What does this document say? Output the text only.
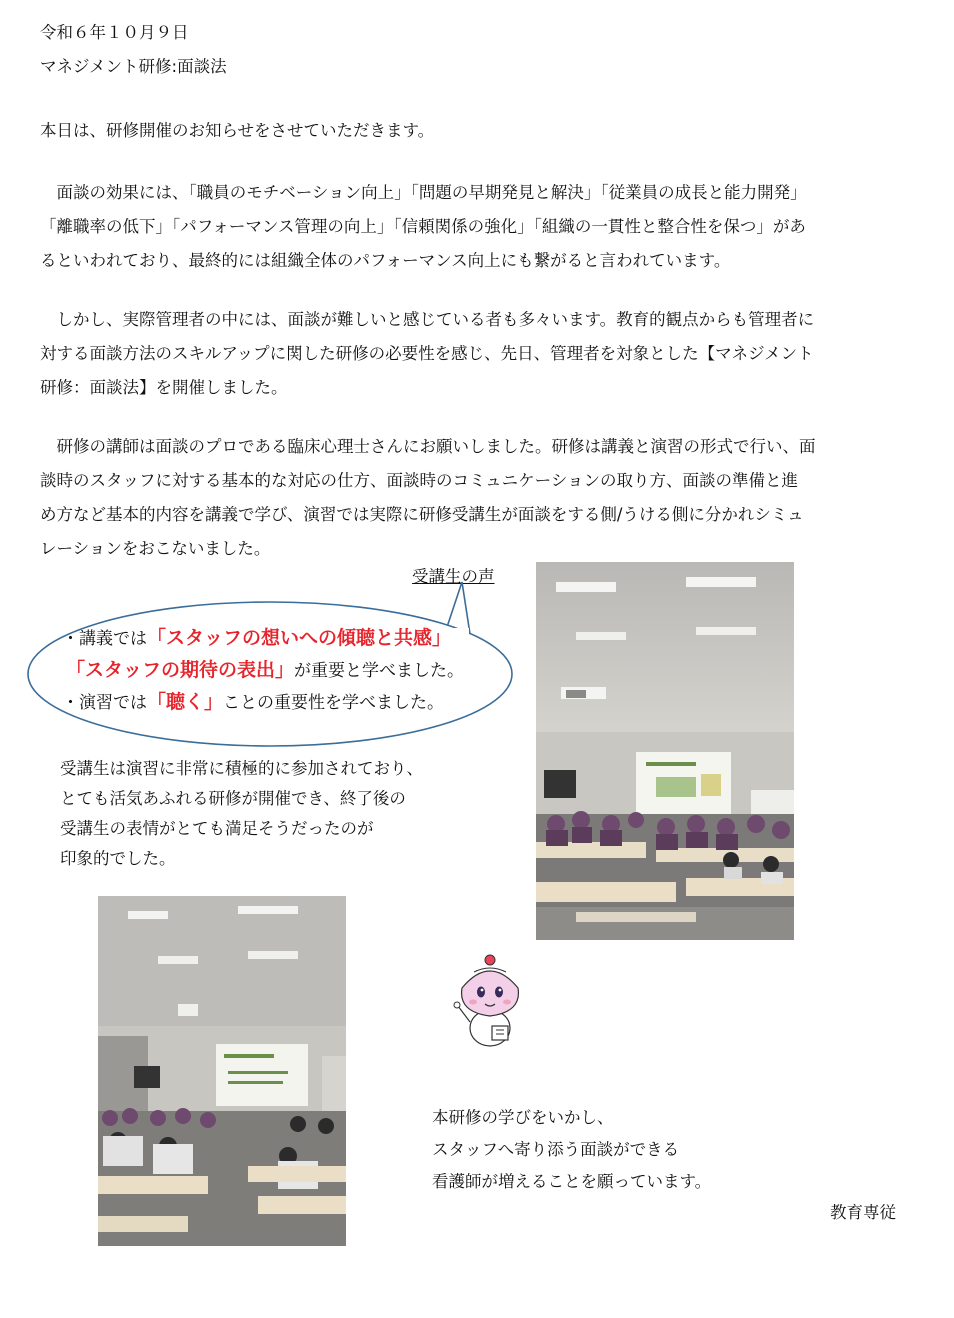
令和６年１０月９日
マネジメント研修:面談法
本日は、研修開催のお知らせをさせていただきます。
　面談の効果には、「職員のモチベーション向上」「問題の早期発見と解決」「従業員の成長と能力開発」
「離職率の低下」「パフォーマンス管理の向上」「信頼関係の強化」「組織の一貫性と整合性を保つ」があ
るといわれており、最終的には組織全体のパフォーマンス向上にも繋がると言われています。
　しかし、実際管理者の中には、面談が難しいと感じている者も多々います。教育的観点からも管理者に
対する面談方法のスキルアップに関した研修の必要性を感じ、先日、管理者を対象とした【マネジメント
研修：面談法】を開催しました。
　研修の講師は面談のプロである臨床心理士さんにお願いしました。研修は講義と演習の形式で行い、面
談時のスタッフに対する基本的な対応の仕方、面談時のコミュニケーションの取り方、面談の準備と進
め方など基本的内容を講義で学び、演習では実際に研修受講生が面談をする側/うける側に分かれシミュ
レーションをおこないました。
受講生の声
・講義では「スタッフの想いへの傾聴と共感」
「スタッフの期待の表出」が重要と学べました。
・演習では「聴く」ことの重要性を学べました。
受講生は演習に非常に積極的に参加されており、
とても活気あふれる研修が開催でき、終了後の
受講生の表情がとても満足そうだったのが
印象的でした。
本研修の学びをいかし、
スタッフへ寄り添う面談ができる
看護師が増えることを願っています。
教育専従
